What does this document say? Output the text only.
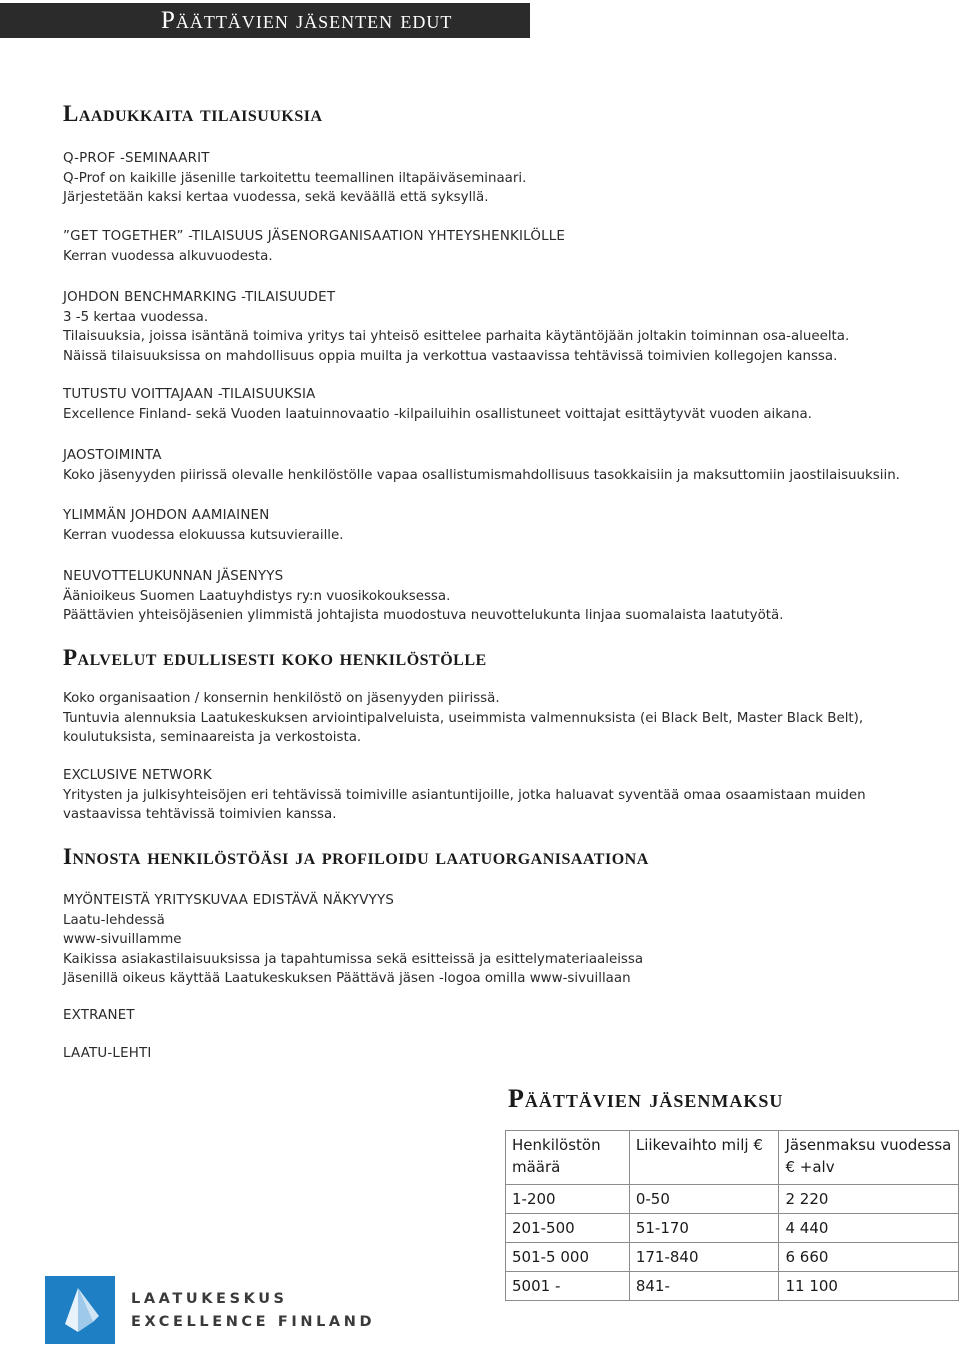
Päättävien jäsenten edut
Laadukkaita tilaisuuksia
Q-PROF -SEMINAARIT
Q-Prof on kaikille jäsenille tarkoitettu teemallinen iltapäiväseminaari.
Järjestetään kaksi kertaa vuodessa, sekä keväällä että syksyllä.
”GET TOGETHER” -TILAISUUS JÄSENORGANISAATION YHTEYSHENKILÖLLE
Kerran vuodessa alkuvuodesta.
JOHDON BENCHMARKING -TILAISUUDET
3 -5 kertaa vuodessa.
Tilaisuuksia, joissa isäntänä toimiva yritys tai yhteisö esittelee parhaita käytäntöjään joltakin toiminnan osa-alueelta.
Näissä tilaisuuksissa on mahdollisuus oppia muilta ja verkottua vastaavissa tehtävissä toimivien kollegojen kanssa.
TUTUSTU VOITTAJAAN -TILAISUUKSIA
Excellence Finland- sekä Vuoden laatuinnovaatio -kilpailuihin osallistuneet voittajat esittäytyvät vuoden aikana.
JAOSTOIMINTA
Koko jäsenyyden piirissä olevalle henkilöstölle vapaa osallistumismahdollisuus tasokkaisiin ja maksuttomiin jaostilaisuuksiin.
YLIMMÄN JOHDON AAMIAINEN
Kerran vuodessa elokuussa kutsuvieraille.
NEUVOTTELUKUNNAN JÄSENYYS
Äänioikeus Suomen Laatuyhdistys ry:n vuosikokouksessa.
Päättävien yhteisöjäsenien ylimmistä johtajista muodostuva neuvottelukunta linjaa suomalaista laatutyötä.
Palvelut edullisesti koko henkilöstölle
Koko organisaation / konsernin henkilöstö on jäsenyyden piirissä.
Tuntuvia alennuksia Laatukeskuksen arviointipalveluista, useimmista valmennuksista (ei Black Belt, Master Black Belt),
koulutuksista, seminaareista ja verkostoista.
EXCLUSIVE NETWORK
Yritysten ja julkisyhteisöjen eri tehtävissä toimiville asiantuntijoille, jotka haluavat syventää omaa osaamistaan muiden
vastaavissa tehtävissä toimivien kanssa.
Innosta henkilöstöäsi ja profiloidu laatuorganisaationa
MYÖNTEISTÄ YRITYSKUVAA EDISTÄVÄ NÄKYVYYS
Laatu-lehdessä
www-sivuillamme
Kaikissa asiakastilaisuuksissa ja tapahtumissa sekä esitteissä ja esittelymateriaaleissa
Jäsenillä oikeus käyttää Laatukeskuksen Päättävä jäsen -logoa omilla www-sivuillaan
EXTRANET
LAATU-LEHTI
Päättävien jäsenmaksu
Henkilöstön määrä	Liikevaihto milj €	Jäsenmaksu vuodessa € +alv
1-200	0-50	2 220
201-500	51-170	4 440
501-5 000	171-840	6 660
5001 -	841-	11 100
LAATUKESKUS
EXCELLENCE FINLAND
